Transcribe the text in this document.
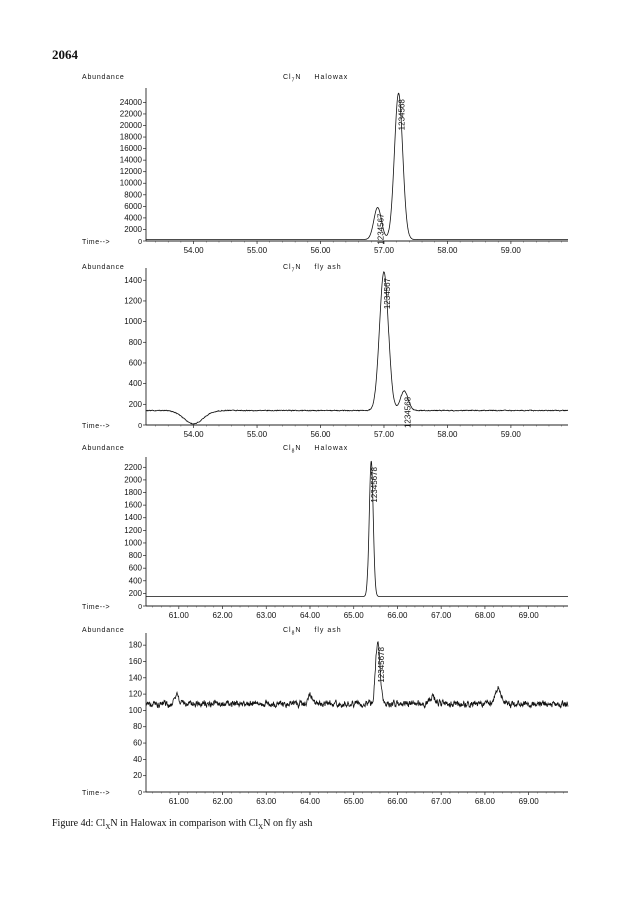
2064
Abundance	$Cl_7N$ Halowax
2000
4000
6000
8000
10000
12000
14000
16000
18000
20000
22000
24000
Time-->	0
54.00	55.00	56.00	57.00	58.00	59.00
1234567
1234568
Abundance	$Cl_7N$ fly ash
200
400
600
800
1000
1200
1400
Time-->	0
54.00	55.00	56.00	57.00	58.00	59.00
1234567
1234568
Abundance	$Cl_8N$ Halowax
200
400
600
800
1000
1200
1400
1600
1800
2000
2200
Time-->	0
61.00	62.00	63.00	64.00	65.00	66.00	67.00	68.00	69.00
12345678
Abundance	$Cl_8N$ fly ash
20
40
60
80
100
120
140
160
180
Time-->	0
61.00	62.00	63.00	64.00	65.00	66.00	67.00	68.00	69.00
12345678
Figure 4d: $Cl_XN$ in Halowax in comparison with $Cl_XN$ on fly ash
